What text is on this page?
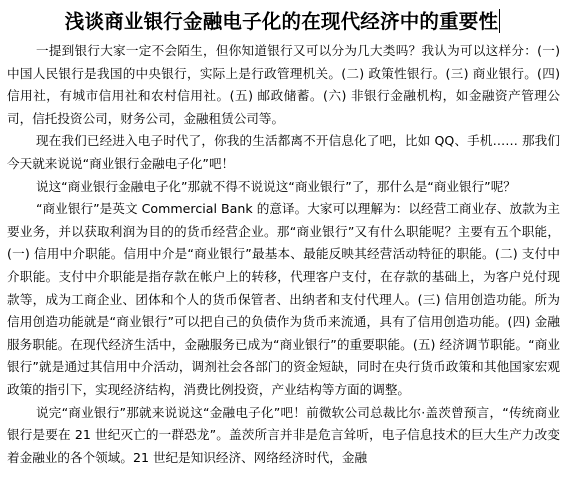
浅谈商业银行金融电子化的在现代经济中的重要性

一提到银行大家一定不会陌生，但你知道银行又可以分为几大类吗？我认为可以这样分：(一) 中国人民银行是我国的中央银行，实际上是行政管理机关。(二) 政策性银行。(三) 商业银行。(四) 信用社，有城市信用社和农村信用社。(五) 邮政储蓄。(六) 非银行金融机构，如金融资产管理公司，信托投资公司，财务公司，金融租赁公司等。

现在我们已经进入电子时代了，你我的生活都离不开信息化了吧，比如 QQ、手机…… 那我们今天就来说说“商业银行金融电子化”吧！

说这“商业银行金融电子化”那就不得不说说这“商业银行”了，那什么是“商业银行”呢？

“商业银行”是英文 Commercial Bank 的意译。大家可以理解为：以经营工商业存、放款为主要业务，并以获取利润为目的的货币经营企业。那“商业银行”又有什么职能呢？主要有五个职能，(一) 信用中介职能。信用中介是“商业银行”最基本、最能反映其经营活动特征的职能。(二) 支付中介职能。支付中介职能是指存款在帐户上的转移，代理客户支付，在存款的基础上，为客户兑付现款等，成为工商企业、团体和个人的货币保管者、出纳者和支付代理人。(三) 信用创造功能。所为信用创造功能就是“商业银行”可以把自己的负债作为货币来流通，具有了信用创造功能。(四) 金融服务职能。在现代经济生活中，金融服务已成为“商业银行”的重要职能。(五) 经济调节职能。“商业银行”就是通过其信用中介活动，调剂社会各部门的资金短缺，同时在央行货币政策和其他国家宏观政策的指引下，实现经济结构，消费比例投资，产业结构等方面的调整。

说完“商业银行”那就来说说这“金融电子化”吧！前微软公司总裁比尔·盖茨曾预言，“传统商业银行是要在 21 世纪灭亡的一群恐龙”。盖茨所言并非是危言耸听，电子信息技术的巨大生产力改变着金融业的各个领域。21 世纪是知识经济、网络经济时代，金融
